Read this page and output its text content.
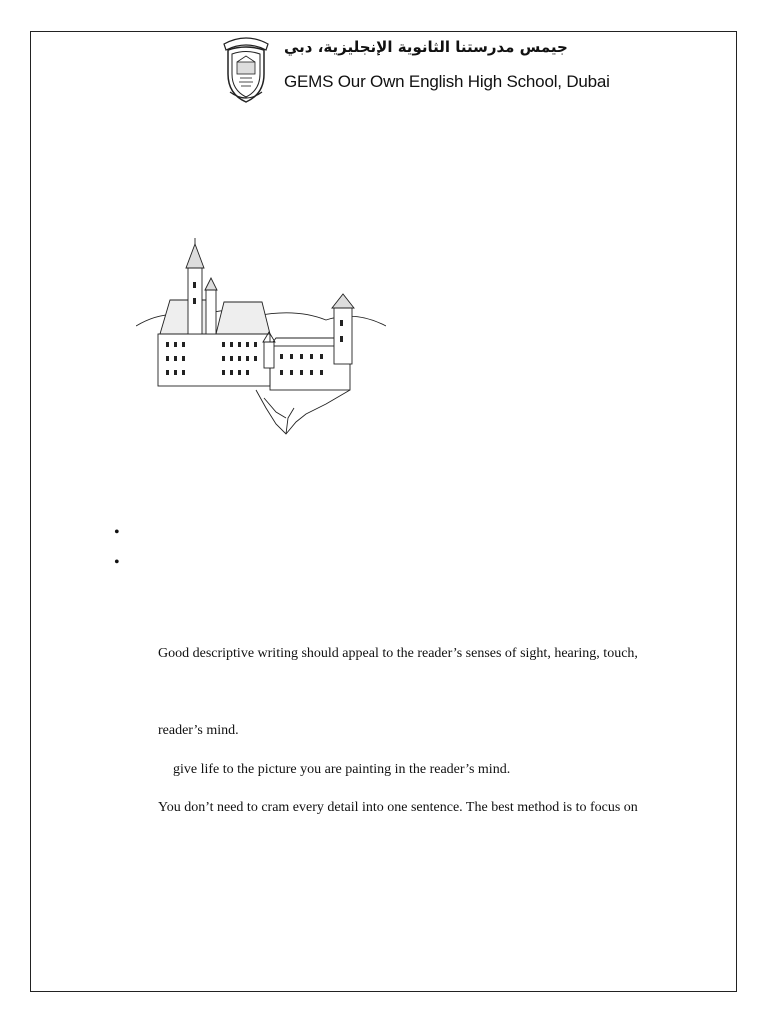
جيمس مدرستنا الثانوية الإنجليزية، دبي
GEMS Our Own English High School, Dubai
•
•
Good descriptive writing should appeal to the reader’s senses of sight, hearing, touch,
reader’s mind.
give life to the picture you are painting in the reader’s mind.
You don’t need to cram every detail into one sentence. The best method is to focus on
